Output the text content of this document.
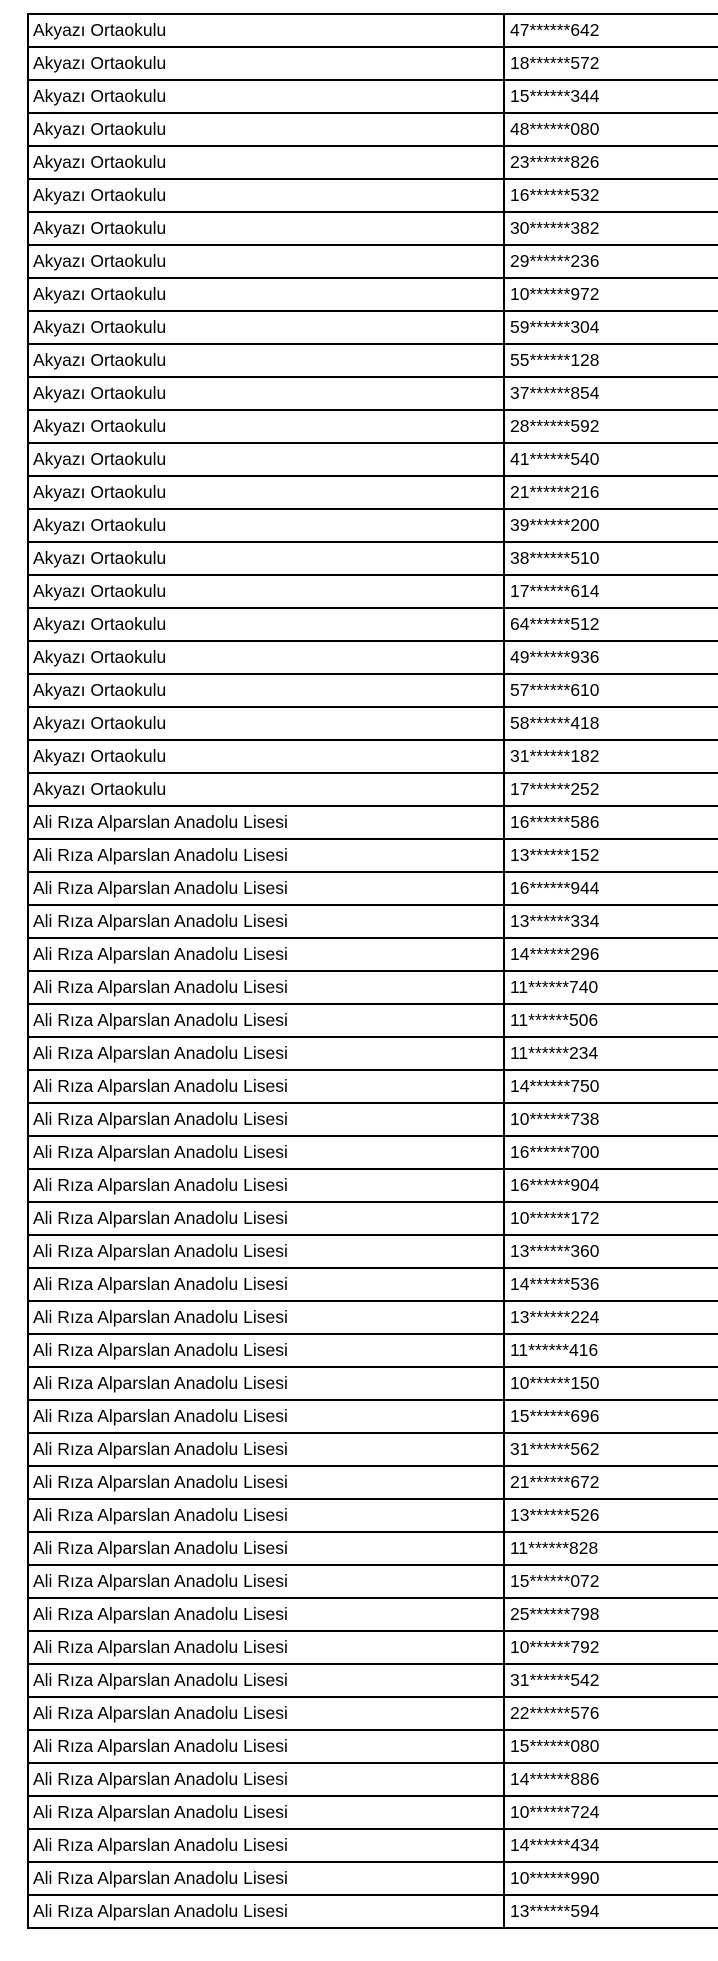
Akyazı Ortaokulu	47******642
Akyazı Ortaokulu	18******572
Akyazı Ortaokulu	15******344
Akyazı Ortaokulu	48******080
Akyazı Ortaokulu	23******826
Akyazı Ortaokulu	16******532
Akyazı Ortaokulu	30******382
Akyazı Ortaokulu	29******236
Akyazı Ortaokulu	10******972
Akyazı Ortaokulu	59******304
Akyazı Ortaokulu	55******128
Akyazı Ortaokulu	37******854
Akyazı Ortaokulu	28******592
Akyazı Ortaokulu	41******540
Akyazı Ortaokulu	21******216
Akyazı Ortaokulu	39******200
Akyazı Ortaokulu	38******510
Akyazı Ortaokulu	17******614
Akyazı Ortaokulu	64******512
Akyazı Ortaokulu	49******936
Akyazı Ortaokulu	57******610
Akyazı Ortaokulu	58******418
Akyazı Ortaokulu	31******182
Akyazı Ortaokulu	17******252
Ali Rıza Alparslan Anadolu Lisesi	16******586
Ali Rıza Alparslan Anadolu Lisesi	13******152
Ali Rıza Alparslan Anadolu Lisesi	16******944
Ali Rıza Alparslan Anadolu Lisesi	13******334
Ali Rıza Alparslan Anadolu Lisesi	14******296
Ali Rıza Alparslan Anadolu Lisesi	11******740
Ali Rıza Alparslan Anadolu Lisesi	11******506
Ali Rıza Alparslan Anadolu Lisesi	11******234
Ali Rıza Alparslan Anadolu Lisesi	14******750
Ali Rıza Alparslan Anadolu Lisesi	10******738
Ali Rıza Alparslan Anadolu Lisesi	16******700
Ali Rıza Alparslan Anadolu Lisesi	16******904
Ali Rıza Alparslan Anadolu Lisesi	10******172
Ali Rıza Alparslan Anadolu Lisesi	13******360
Ali Rıza Alparslan Anadolu Lisesi	14******536
Ali Rıza Alparslan Anadolu Lisesi	13******224
Ali Rıza Alparslan Anadolu Lisesi	11******416
Ali Rıza Alparslan Anadolu Lisesi	10******150
Ali Rıza Alparslan Anadolu Lisesi	15******696
Ali Rıza Alparslan Anadolu Lisesi	31******562
Ali Rıza Alparslan Anadolu Lisesi	21******672
Ali Rıza Alparslan Anadolu Lisesi	13******526
Ali Rıza Alparslan Anadolu Lisesi	11******828
Ali Rıza Alparslan Anadolu Lisesi	15******072
Ali Rıza Alparslan Anadolu Lisesi	25******798
Ali Rıza Alparslan Anadolu Lisesi	10******792
Ali Rıza Alparslan Anadolu Lisesi	31******542
Ali Rıza Alparslan Anadolu Lisesi	22******576
Ali Rıza Alparslan Anadolu Lisesi	15******080
Ali Rıza Alparslan Anadolu Lisesi	14******886
Ali Rıza Alparslan Anadolu Lisesi	10******724
Ali Rıza Alparslan Anadolu Lisesi	14******434
Ali Rıza Alparslan Anadolu Lisesi	10******990
Ali Rıza Alparslan Anadolu Lisesi	13******594
